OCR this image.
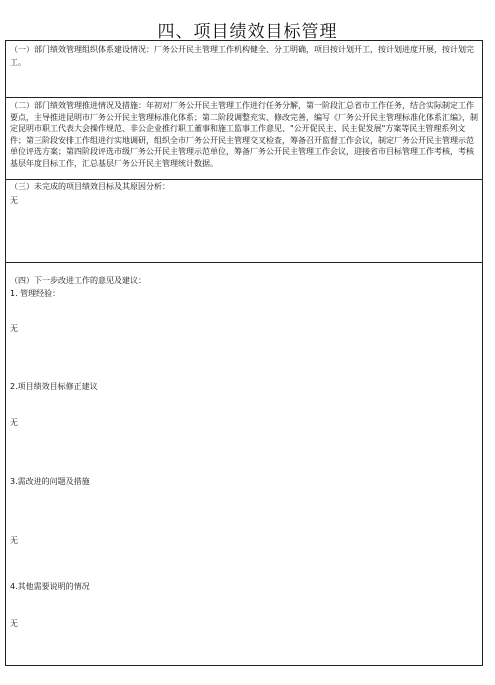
四、项目绩效目标管理
（一）部门绩效管理组织体系建设情况：厂务公开民主管理工作机构健全、分工明确，项目按计划开工，按计划进度开展，按计划完工。
（二）部门绩效管理推进情况及措施：年初对厂务公开民主管理工作进行任务分解，第一阶段汇总省市工作任务，结合实际制定工作要点，主导推进昆明市厂务公开民主管理标准化体系；第二阶段调整充实、修改完善，编写《厂务公开民主管理标准化体系汇编》，制定昆明市职工代表大会操作规范、非公企业推行职工董事和施工监事工作意见、"公开促民主、民主促发展"方案等民主管理系列文件；第三阶段安排工作组进行实地调研，组织全市厂务公开民主管理交叉检查，筹备召开监督工作会议，制定厂务公开民主管理示范单位评选方案；第四阶段评选市级厂务公开民主管理示范单位，筹备厂务公开民主管理工作会议，迎接省市目标管理工作考核，考核基层年度目标工作，汇总基层厂务公开民主管理统计数据。
（三）未完成的项目绩效目标及其原因分析：
无
（四）下一步改进工作的意见及建议：
1. 管理经验：
无
2.项目绩效目标修正建议
无
3.需改进的问题及措施
无
4.其他需要说明的情况
无
